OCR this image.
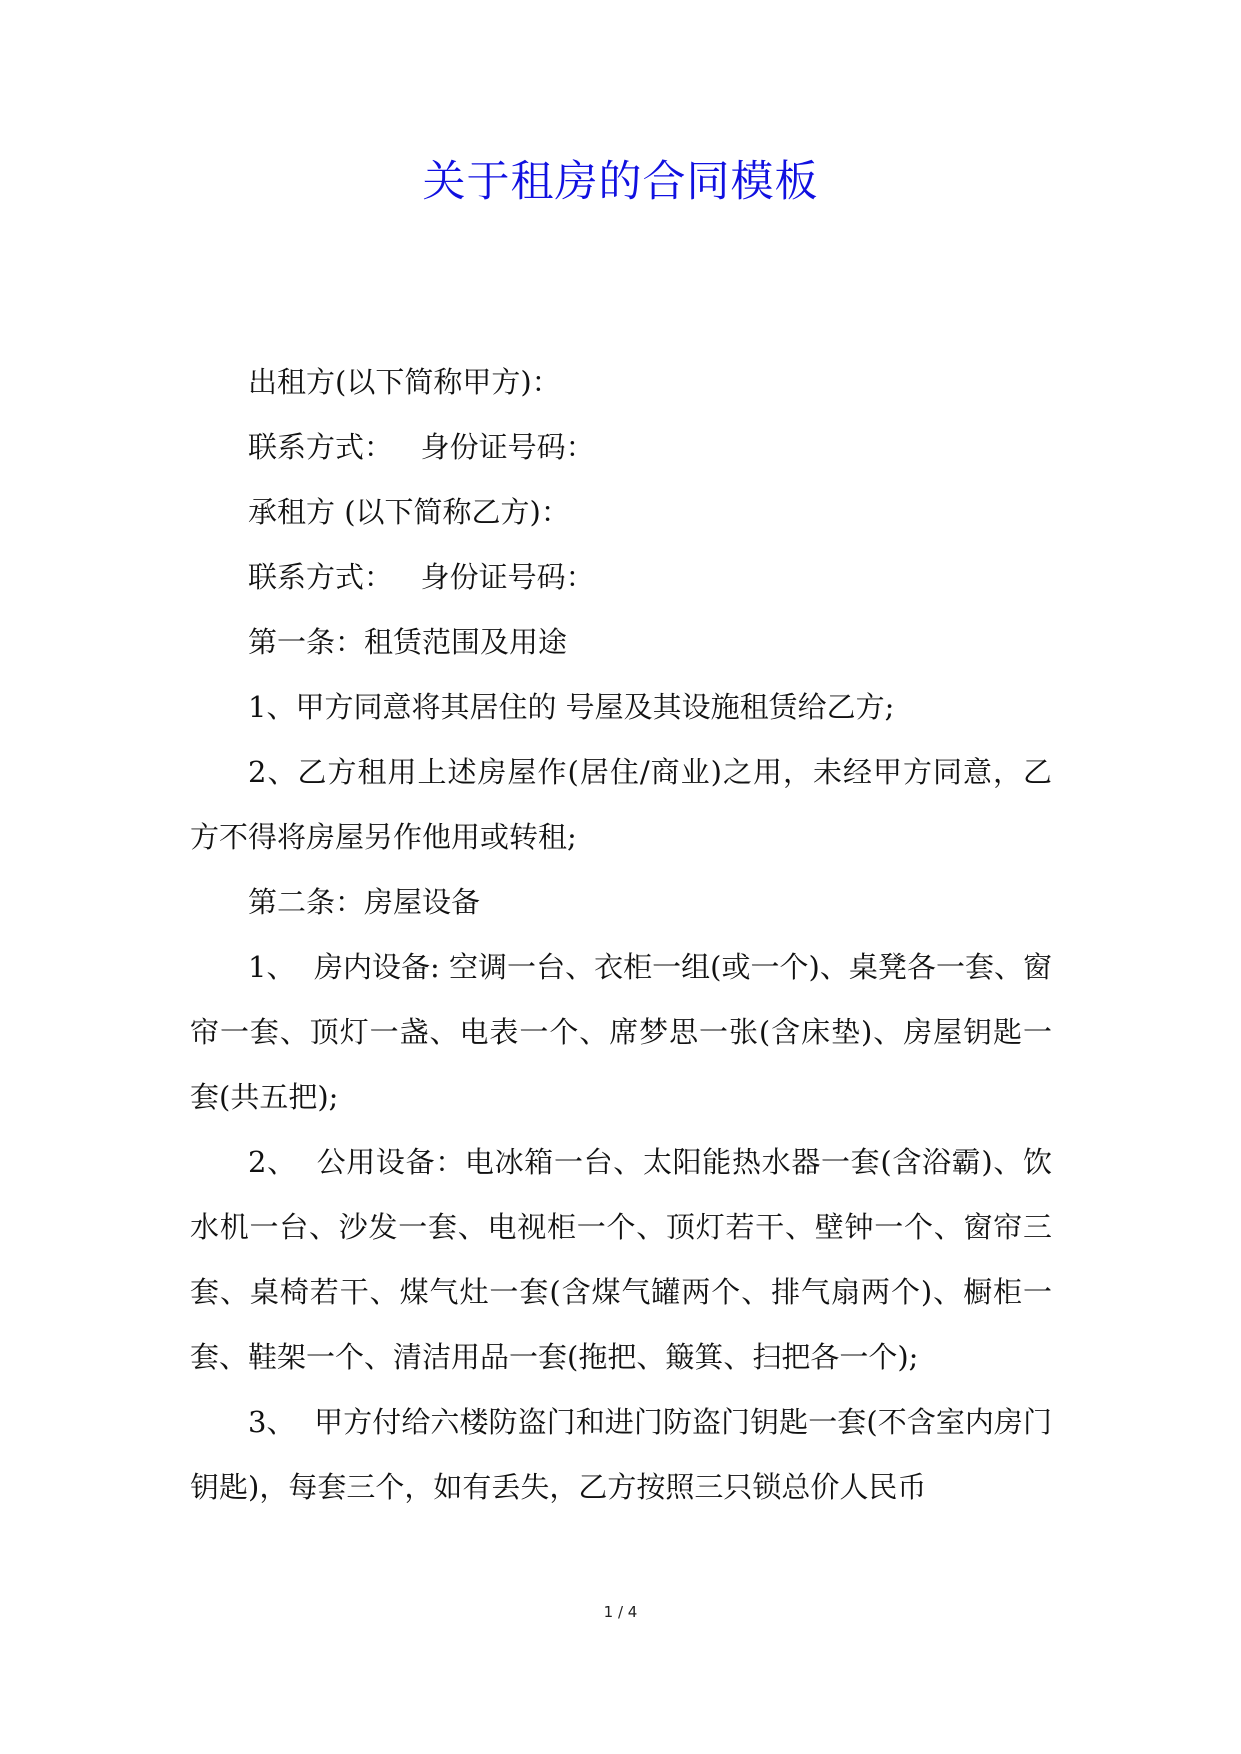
关于租房的合同模板

出租方(以下简称甲方)：

联系方式：   身份证号码：

承租方 (以下简称乙方)：

联系方式：   身份证号码：

第一条：租赁范围及用途

1、甲方同意将其居住的 号屋及其设施租赁给乙方;

2、乙方租用上述房屋作(居住/商业)之用，未经甲方同意，乙方不得将房屋另作他用或转租;

第二条：房屋设备

1、  房内设备: 空调一台、衣柜一组(或一个)、桌凳各一套、窗帘一套、顶灯一盏、电表一个、席梦思一张(含床垫)、房屋钥匙一套(共五把);

2、  公用设备：电冰箱一台、太阳能热水器一套(含浴霸)、饮水机一台、沙发一套、电视柜一个、顶灯若干、壁钟一个、窗帘三套、桌椅若干、煤气灶一套(含煤气罐两个、排气扇两个)、橱柜一套、鞋架一个、清洁用品一套(拖把、簸箕、扫把各一个);

3、  甲方付给六楼防盗门和进门防盗门钥匙一套(不含室内房门钥匙)，每套三个，如有丢失，乙方按照三只锁总价人民币

1 / 4
